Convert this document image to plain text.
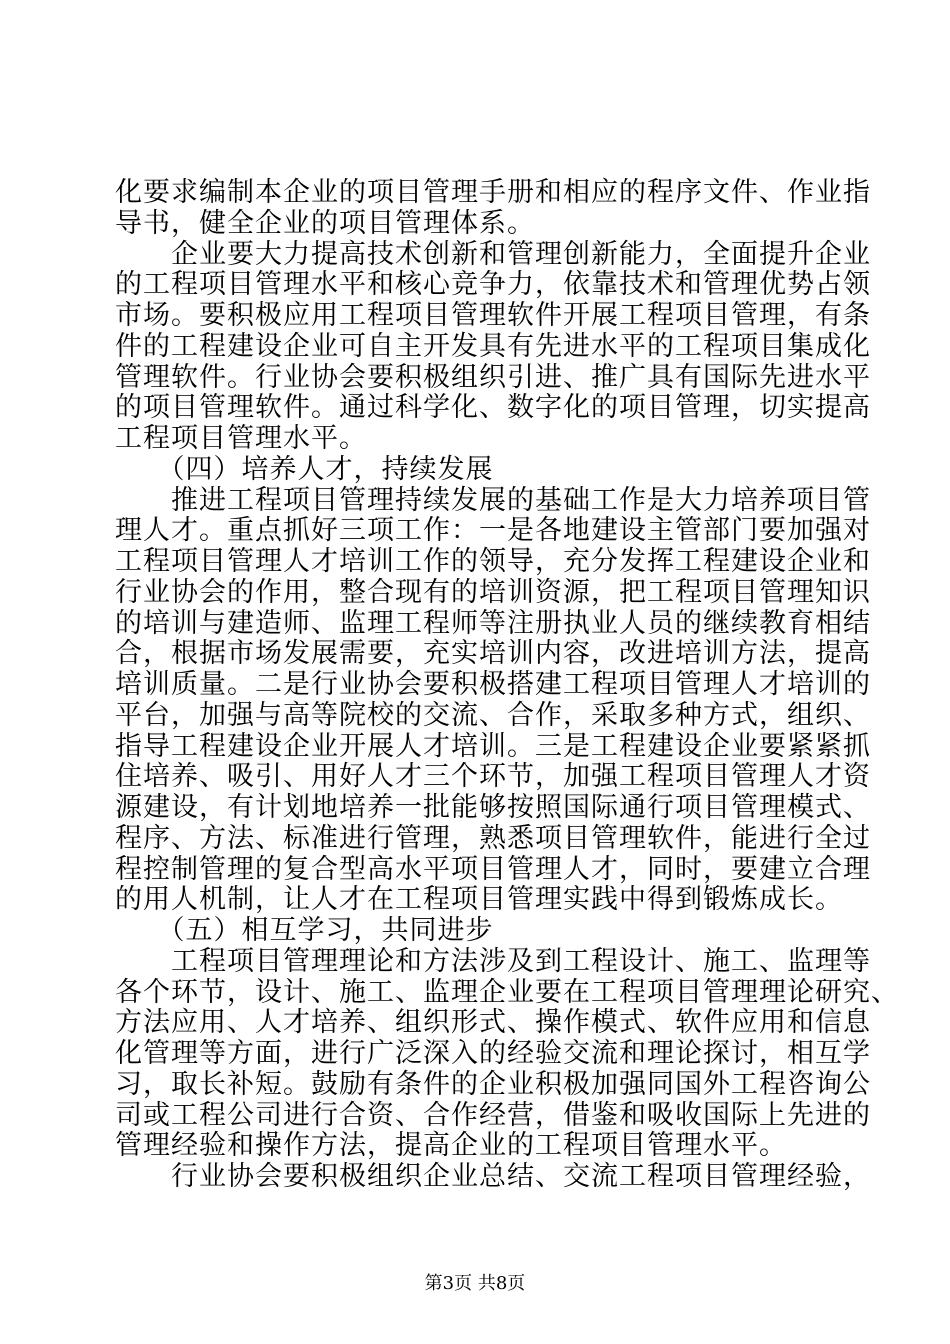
化要求编制本企业的项目管理手册和相应的程序文件、作业指
导书，健全企业的项目管理体系。
　　企业要大力提高技术创新和管理创新能力，全面提升企业
的工程项目管理水平和核心竞争力，依靠技术和管理优势占领
市场。要积极应用工程项目管理软件开展工程项目管理，有条
件的工程建设企业可自主开发具有先进水平的工程项目集成化
管理软件。行业协会要积极组织引进、推广具有国际先进水平
的项目管理软件。通过科学化、数字化的项目管理，切实提高
工程项目管理水平。
　　（四）培养人才，持续发展
　　推进工程项目管理持续发展的基础工作是大力培养项目管
理人才。重点抓好三项工作：一是各地建设主管部门要加强对
工程项目管理人才培训工作的领导，充分发挥工程建设企业和
行业协会的作用，整合现有的培训资源，把工程项目管理知识
的培训与建造师、监理工程师等注册执业人员的继续教育相结
合，根据市场发展需要，充实培训内容，改进培训方法，提高
培训质量。二是行业协会要积极搭建工程项目管理人才培训的
平台，加强与高等院校的交流、合作，采取多种方式，组织、
指导工程建设企业开展人才培训。三是工程建设企业要紧紧抓
住培养、吸引、用好人才三个环节，加强工程项目管理人才资
源建设，有计划地培养一批能够按照国际通行项目管理模式、
程序、方法、标准进行管理，熟悉项目管理软件，能进行全过
程控制管理的复合型高水平项目管理人才，同时，要建立合理
的用人机制，让人才在工程项目管理实践中得到锻炼成长。
　　（五）相互学习，共同进步
　　工程项目管理理论和方法涉及到工程设计、施工、监理等
各个环节，设计、施工、监理企业要在工程项目管理理论研究、
方法应用、人才培养、组织形式、操作模式、软件应用和信息
化管理等方面，进行广泛深入的经验交流和理论探讨，相互学
习，取长补短。鼓励有条件的企业积极加强同国外工程咨询公
司或工程公司进行合资、合作经营，借鉴和吸收国际上先进的
管理经验和操作方法，提高企业的工程项目管理水平。
第3页 共8页
　　行业协会要积极组织企业总结、交流工程项目管理经验，
